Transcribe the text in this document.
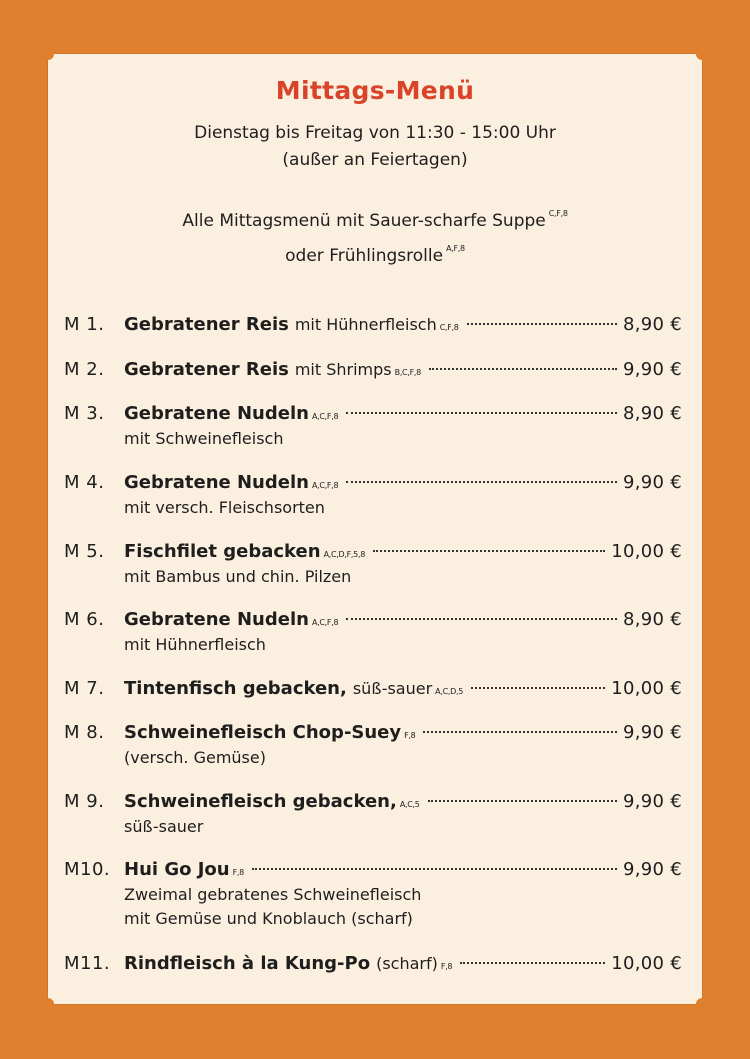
Mittags-Menü
Dienstag bis Freitag von 11:30 - 15:00 Uhr
(außer an Feiertagen)
Alle Mittagsmenü mit Sauer-scharfe Suppe $^{C,F,8}$
oder Frühlingsrolle $^{A,F,8}$
M 1. Gebratener Reis mit Hühnerfleisch C,F,8	8,90 €
M 2. Gebratener Reis mit Shrimps B,C,F,8	9,90 €
M 3. Gebratene Nudeln A,C,F,8	8,90 €
mit Schweinefleisch
M 4. Gebratene Nudeln A,C,F,8	9,90 €
mit versch. Fleischsorten
M 5. Fischfilet gebacken A,C,D,F,5,8	10,00 €
mit Bambus und chin. Pilzen
M 6. Gebratene Nudeln A,C,F,8	8,90 €
mit Hühnerfleisch
M 7. Tintenfisch gebacken, süß-sauer A,C,D,5	10,00 €
M 8. Schweinefleisch Chop-Suey F,8	9,90 €
(versch. Gemüse)
M 9. Schweinefleisch gebacken, A,C,5	9,90 €
süß-sauer
M10. Hui Go Jou F,8	9,90 €
Zweimal gebratenes Schweinefleisch
mit Gemüse und Knoblauch (scharf)
M11. Rindfleisch à la Kung-Po (scharf) F,8	10,00 €
